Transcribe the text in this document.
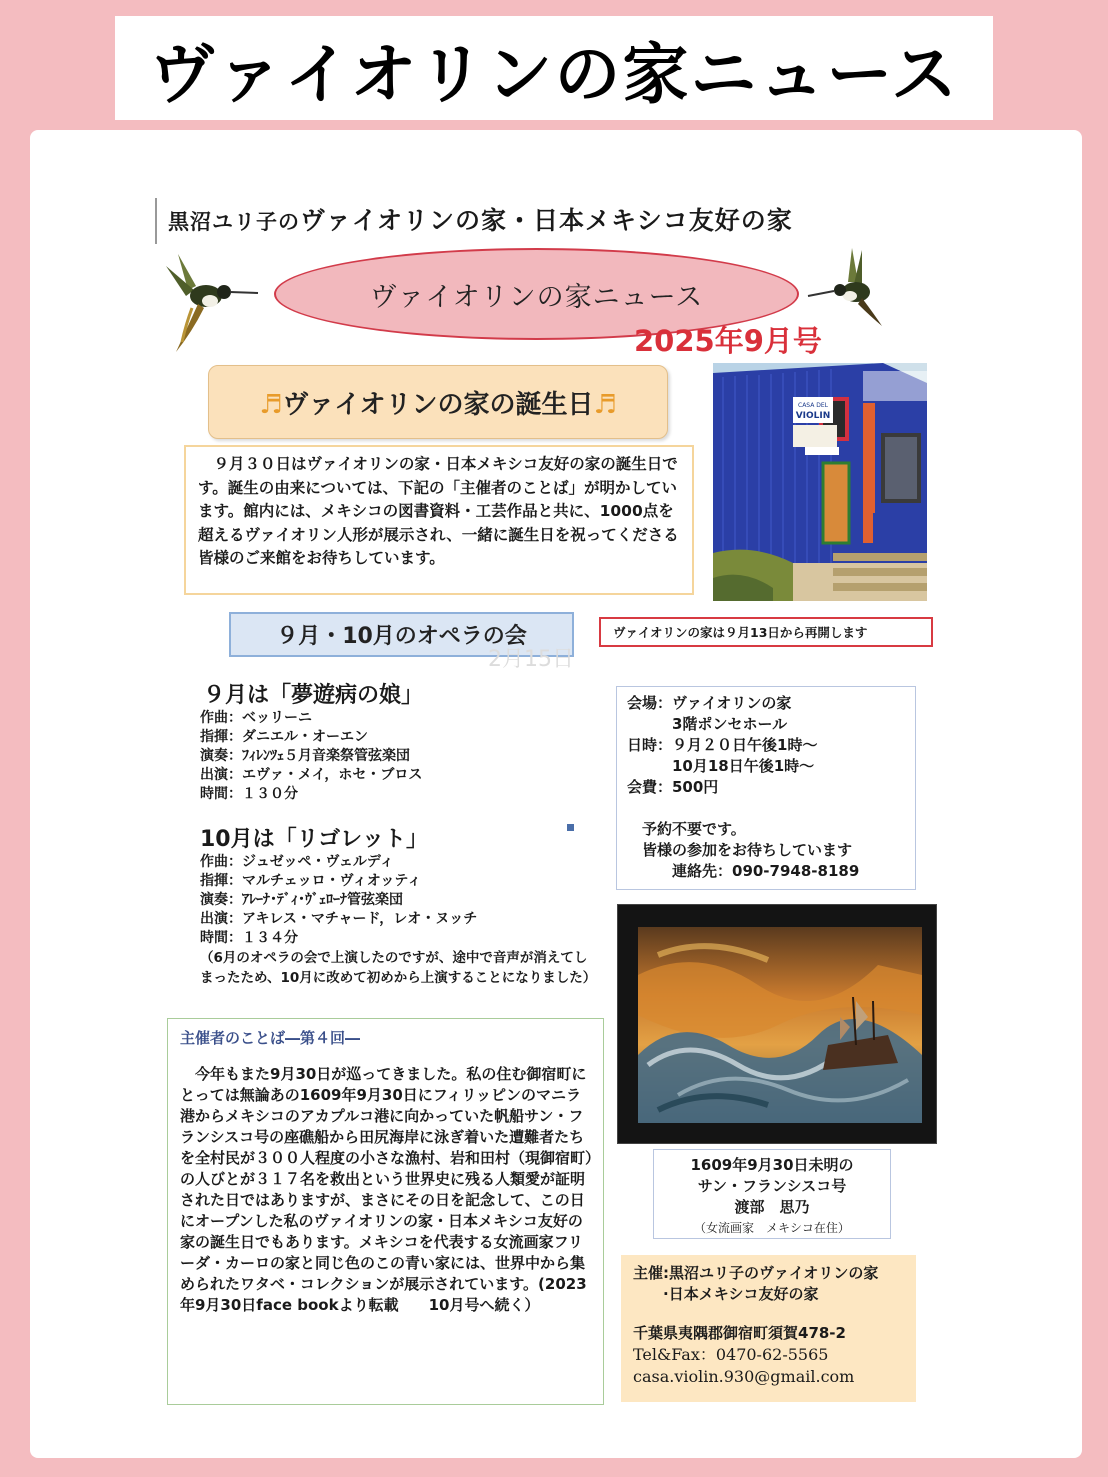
ヴァイオリンの家ニュース
黒沼ユリ子のヴァイオリンの家・日本メキシコ友好の家
ヴァイオリンの家ニュース
2025年9月号
♬ヴァイオリンの家の誕生日♬
　９月３０日はヴァイオリンの家・日本メキシコ友好の家の誕生日です。誕生の由来については、下記の「主催者のことば」が明かしています。館内には、メキシコの図書資料・工芸作品と共に、1000点を超えるヴァイオリン人形が展示され、一緒に誕生日を祝ってくださる皆様のご来館をお待ちしています。
CASA DEL
VIOLIN
９月・10月のオペラの会	ヴァイオリンの家は９月13日から再開します
2月15日
９月は「夢遊病の娘」
作曲：ベッリーニ
指揮：ダニエル・オーエン
演奏：ﾌｨﾚﾝﾂｪ５月音楽祭管弦楽団
出演：エヴァ・メイ，ホセ・ブロス
時間：１３０分
10月は「リゴレット」
作曲：ジュゼッペ・ヴェルディ
指揮：マルチェッロ・ヴィオッティ
演奏：ｱﾚｰﾅ･ﾃﾞｨ･ｳﾞｪﾛｰﾅ管弦楽団
出演：アキレス・マチャード，レオ・ヌッチ
時間：１３４分
（6月のオペラの会で上演したのですが、途中で音声が消えてしまったため、10月に改めて初めから上演することになりました）
会場：ヴァイオリンの家
　　　3階ポンセホール
日時：９月２０日午後1時～
　　　10月18日午後1時～
会費：500円

　予約不要です。
　皆様の参加をお待ちしています
　　　連絡先：090-7948-8189
1609年9月30日未明の
サン・フランシスコ号
渡部　思乃
（女流画家　メキシコ在住）
主催:黒沼ユリ子のヴァイオリンの家
　　·日本メキシコ友好の家
千葉県夷隅郡御宿町須賀478-2
Tel&Fax：0470-62-5565
casa.violin.930@gmail.com
主催者のことば―第４回―
今年もまた9月30日が巡ってきました。私の住む御宿町にとっては無論あの1609年9月30日にフィリッピンのマニラ港からメキシコのアカプルコ港に向かっていた帆船サン・フランシスコ号の座礁船から田尻海岸に泳ぎ着いた遭難者たちを全村民が３００人程度の小さな漁村、岩和田村（現御宿町）の人びとが３１７名を救出という世界史に残る人類愛が証明された日ではありますが、まさにその日を記念して、この日にオープンした私のヴァイオリンの家・日本メキシコ友好の家の誕生日でもあります。メキシコを代表する女流画家フリーダ・カーロの家と同じ色のこの青い家には、世界中から集められたワタベ・コレクションが展示されています。(2023年9月30日face bookより転載　　10月号へ続く）
